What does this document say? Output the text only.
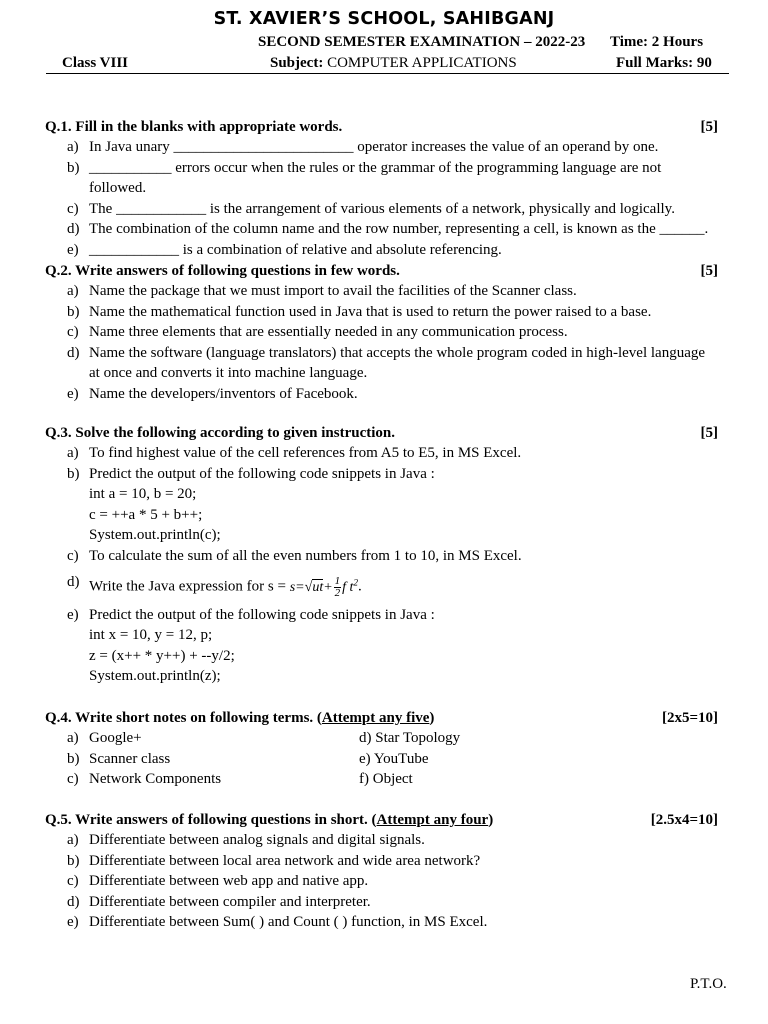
ST. XAVIER’S SCHOOL, SAHIBGANJ
SECOND SEMESTER EXAMINATION – 2022-23 Time: 2 Hours
Class VIII	Subject: COMPUTER APPLICATIONS	Full Marks: 90
Q.1. Fill in the blanks with appropriate words.	[5]
a) In Java unary ________________________ operator increases the value of an operand by one.
b) ___________ errors occur when the rules or the grammar of the programming language are not followed.
c) The ____________ is the arrangement of various elements of a network, physically and logically.
d) The combination of the column name and the row number, representing a cell, is known as the ______.
e) ____________ is a combination of relative and absolute referencing.
Q.2. Write answers of following questions in few words.	[5]
a) Name the package that we must import to avail the facilities of the Scanner class.
b) Name the mathematical function used in Java that is used to return the power raised to a base.
c) Name three elements that are essentially needed in any communication process.
d) Name the software (language translators) that accepts the whole program coded in high-level language at once and converts it into machine language.
e) Name the developers/inventors of Facebook.
Q.3. Solve the following according to given instruction.	[5]
a) To find highest value of the cell references from A5 to E5, in MS Excel.
b) Predict the output of the following code snippets in Java :
int a = 10, b = 20;
c = ++a * 5 + b++;
System.out.println(c);
c) To calculate the sum of all the even numbers from 1 to 10, in MS Excel.
d) Write the Java expression for $s = s=√ut+ \frac{1}{2}$ f $t^2$.
e) Predict the output of the following code snippets in Java :
int x = 10, y = 12, p;
z = (x++ * y++) + --y/2;
System.out.println(z);
Q.4. Write short notes on following terms. (Attempt any five)	[2x5=10]
a) Google+	d) Star Topology
b) Scanner class	e) YouTube
c) Network Components	f) Object
Q.5. Write answers of following questions in short. (Attempt any four)	[2.5x4=10]
a) Differentiate between analog signals and digital signals.
b) Differentiate between local area network and wide area network?
c) Differentiate between web app and native app.
d) Differentiate between compiler and interpreter.
e) Differentiate between Sum( ) and Count ( ) function, in MS Excel.
P.T.O.
